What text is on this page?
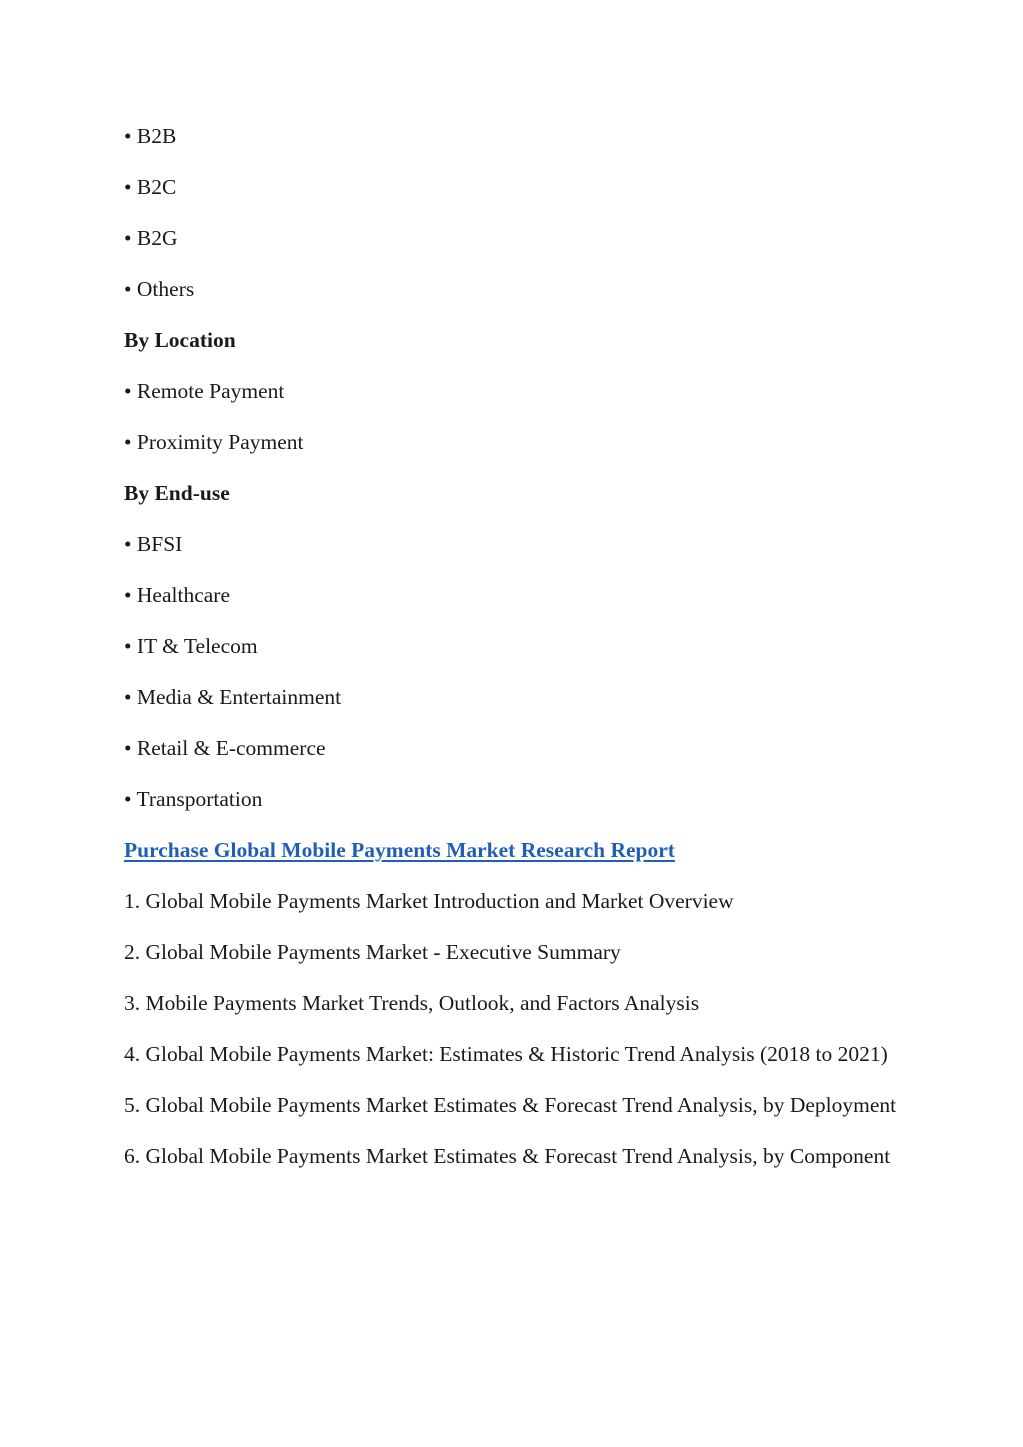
• B2B

• B2C

• B2G

• Others

By Location

• Remote Payment

• Proximity Payment

By End-use

• BFSI

• Healthcare

• IT & Telecom

• Media & Entertainment

• Retail & E-commerce

• Transportation

Purchase Global Mobile Payments Market Research Report

1. Global Mobile Payments Market Introduction and Market Overview

2. Global Mobile Payments Market - Executive Summary

3. Mobile Payments Market Trends, Outlook, and Factors Analysis

4. Global Mobile Payments Market: Estimates & Historic Trend Analysis (2018 to 2021)

5. Global Mobile Payments Market Estimates & Forecast Trend Analysis, by Deployment

6. Global Mobile Payments Market Estimates & Forecast Trend Analysis, by Component
